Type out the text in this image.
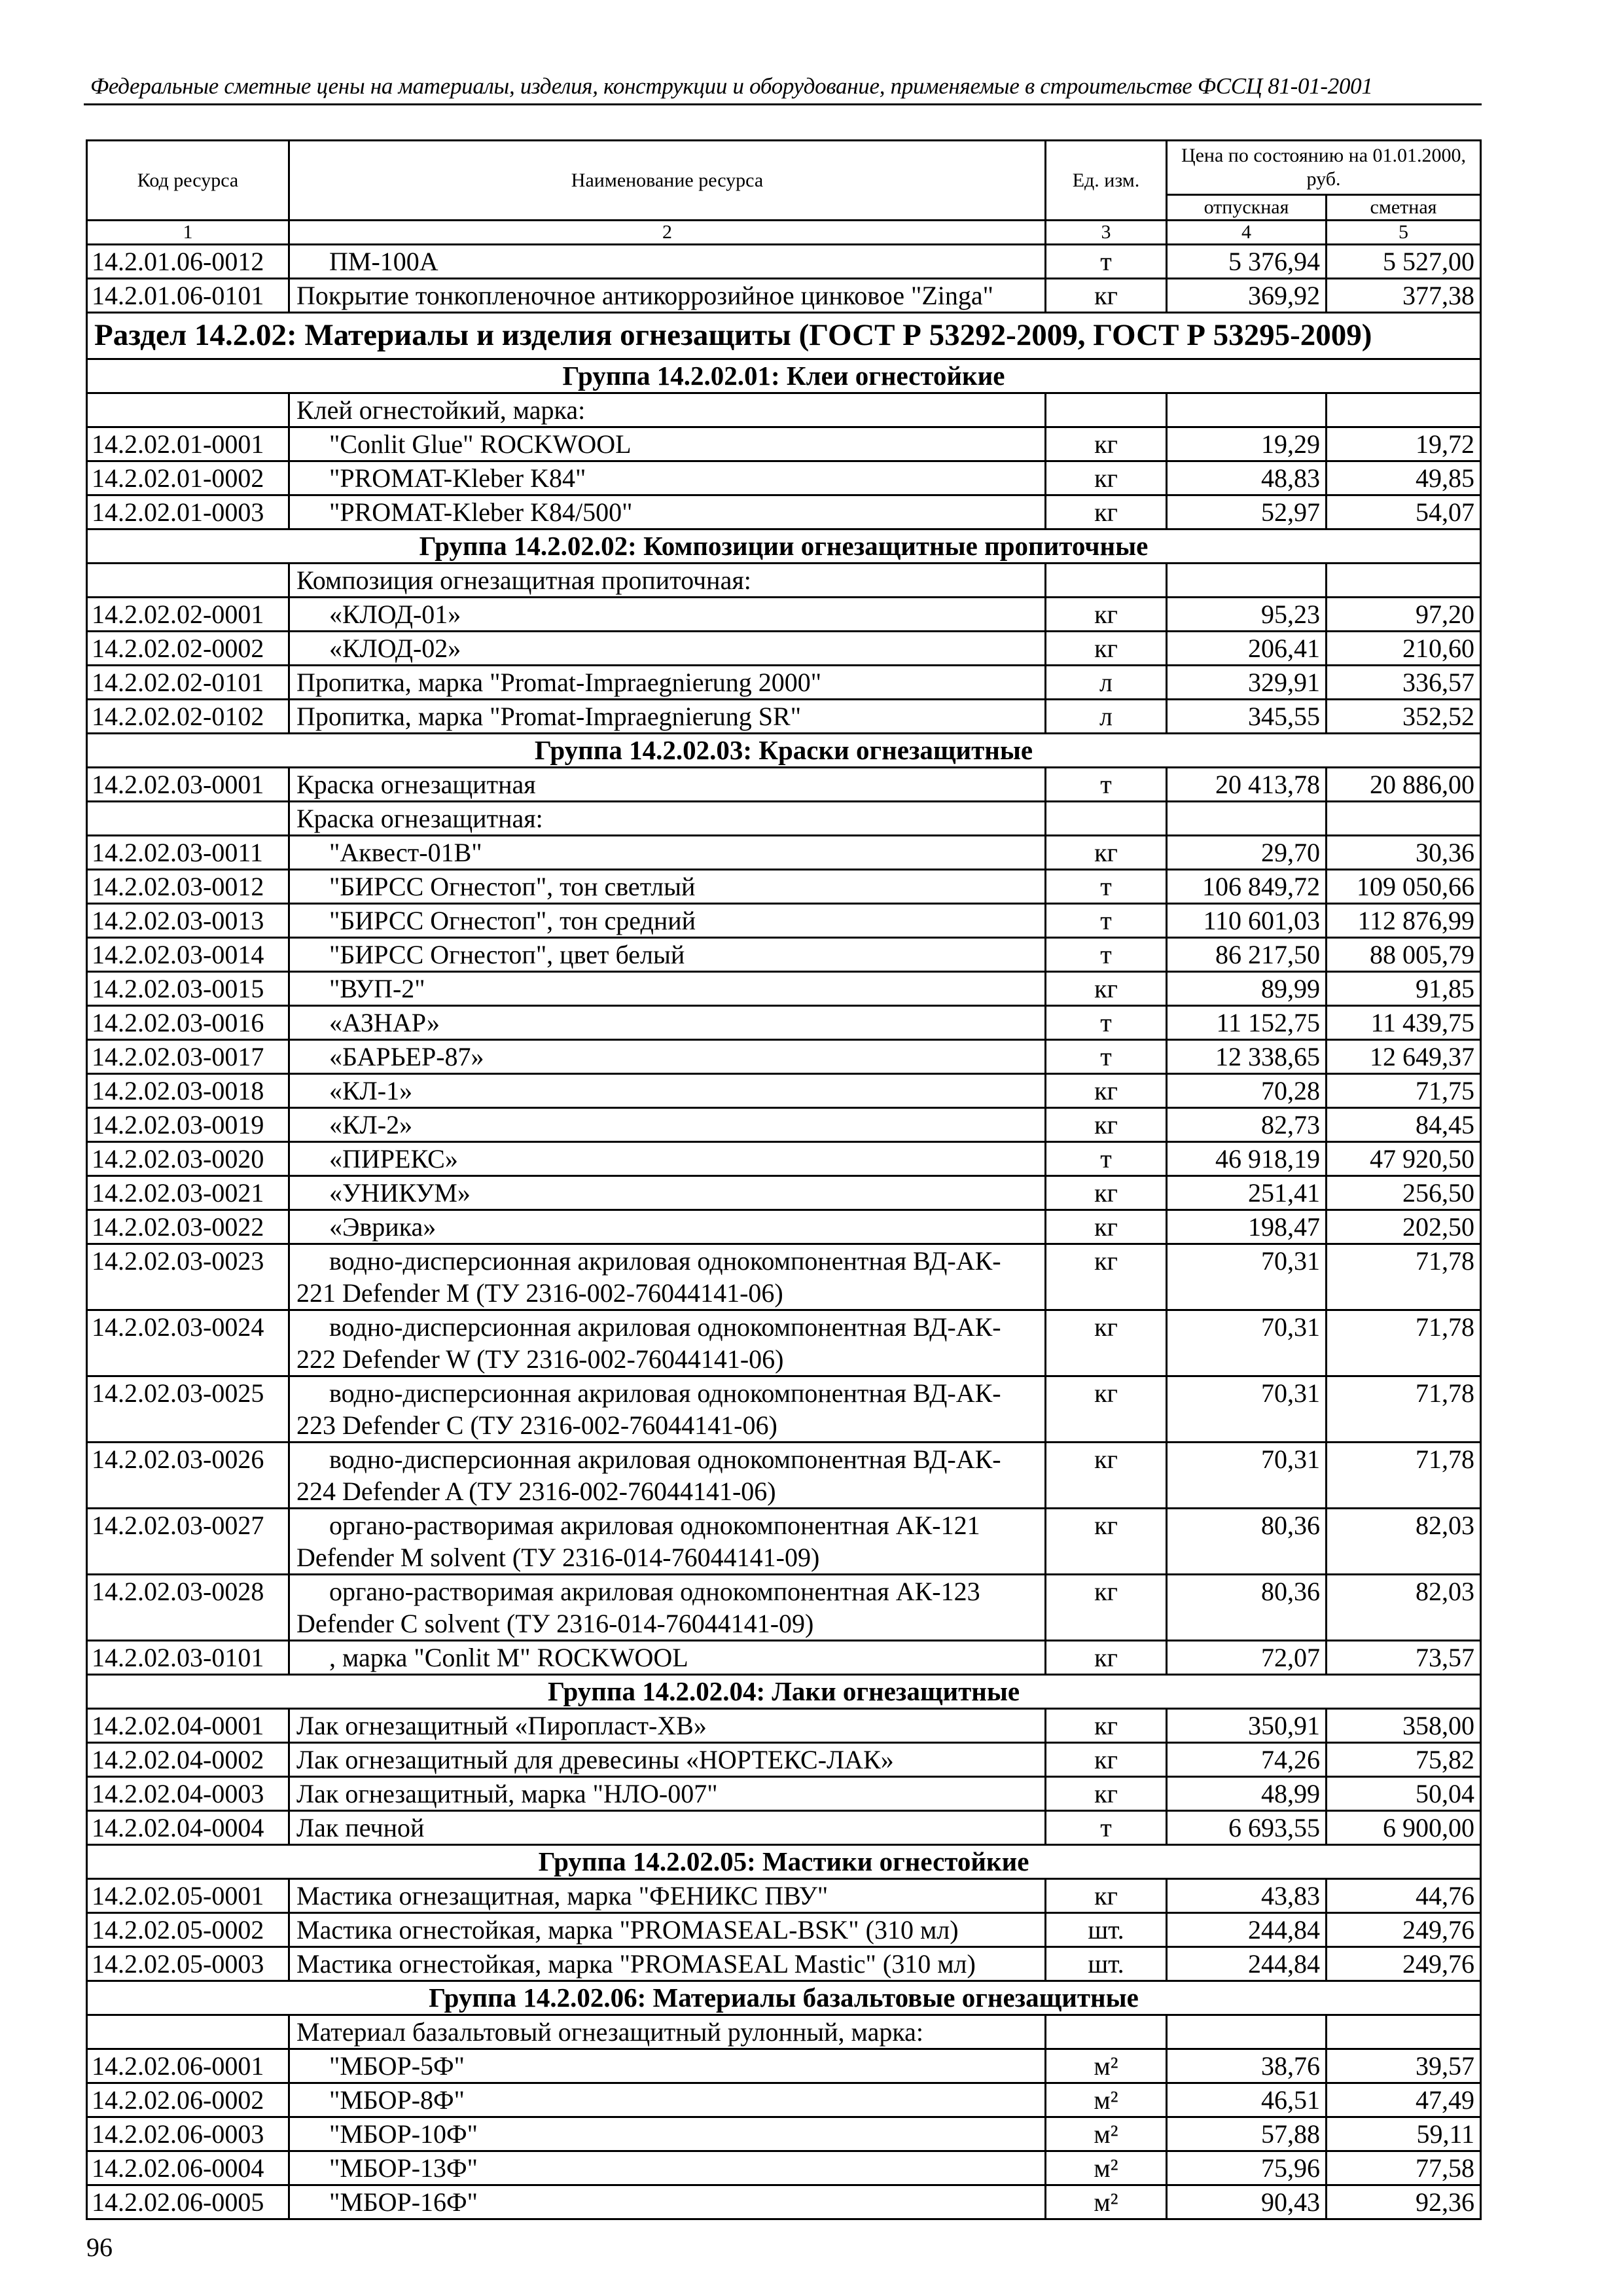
Федеральные сметные цены на материалы, изделия, конструкции и оборудование, применяемые в строительстве ФССЦ 81-01-2001
Код ресурса	Наименование ресурса	Ед. изм.	Цена по состоянию на 01.01.2000, руб.	
			отпускная	сметная
1	2	3	4	5
14.2.01.06-0012	ПМ-100А	т	5 376,94	5 527,00
14.2.01.06-0101	Покрытие тонкопленочное антикоррозийное цинковое "Zinga"	кг	369,92	377,38
Раздел 14.2.02: Материалы и изделия огнезащиты (ГОСТ Р 53292-2009, ГОСТ Р 53295-2009)				
Группа 14.2.02.01: Клеи огнестойкие				
	Клей огнестойкий, марка:			
14.2.02.01-0001	"Conlit Glue" ROCKWOOL	кг	19,29	19,72
14.2.02.01-0002	"PROMAT-Kleber K84"	кг	48,83	49,85
14.2.02.01-0003	"PROMAT-Kleber K84/500"	кг	52,97	54,07
Группа 14.2.02.02: Композиции огнезащитные пропиточные				
	Композиция огнезащитная пропиточная:			
14.2.02.02-0001	«КЛОД-01»	кг	95,23	97,20
14.2.02.02-0002	«КЛОД-02»	кг	206,41	210,60
14.2.02.02-0101	Пропитка, марка "Promat-Impraegnierung 2000"	л	329,91	336,57
14.2.02.02-0102	Пропитка, марка "Promat-Impraegnierung SR"	л	345,55	352,52
Группа 14.2.02.03: Краски огнезащитные				
14.2.02.03-0001	Краска огнезащитная	т	20 413,78	20 886,00
	Краска огнезащитная:			
14.2.02.03-0011	"Аквест-01В"	кг	29,70	30,36
14.2.02.03-0012	"БИРСС Огнестоп", тон светлый	т	106 849,72	109 050,66
14.2.02.03-0013	"БИРСС Огнестоп", тон средний	т	110 601,03	112 876,99
14.2.02.03-0014	"БИРСС Огнестоп", цвет белый	т	86 217,50	88 005,79
14.2.02.03-0015	"ВУП-2"	кг	89,99	91,85
14.2.02.03-0016	«АЗНАР»	т	11 152,75	11 439,75
14.2.02.03-0017	«БАРЬЕР-87»	т	12 338,65	12 649,37
14.2.02.03-0018	«КЛ-1»	кг	70,28	71,75
14.2.02.03-0019	«КЛ-2»	кг	82,73	84,45
14.2.02.03-0020	«ПИРЕКС»	т	46 918,19	47 920,50
14.2.02.03-0021	«УНИКУМ»	кг	251,41	256,50
14.2.02.03-0022	«Эврика»	кг	198,47	202,50
14.2.02.03-0023	водно-дисперсионная акриловая однокомпонентная ВД-АК- 221 Defender M (ТУ 2316-002-76044141-06)	кг	70,31	71,78
14.2.02.03-0024	водно-дисперсионная акриловая однокомпонентная ВД-АК- 222 Defender W (ТУ 2316-002-76044141-06)	кг	70,31	71,78
14.2.02.03-0025	водно-дисперсионная акриловая однокомпонентная ВД-АК- 223 Defender C (ТУ 2316-002-76044141-06)	кг	70,31	71,78
14.2.02.03-0026	водно-дисперсионная акриловая однокомпонентная ВД-АК- 224 Defender A (ТУ 2316-002-76044141-06)	кг	70,31	71,78
14.2.02.03-0027	органо-растворимая акриловая однокомпонентная АК-121 Defender M solvent (ТУ 2316-014-76044141-09)	кг	80,36	82,03
14.2.02.03-0028	органо-растворимая акриловая однокомпонентная АК-123 Defender C solvent (ТУ 2316-014-76044141-09)	кг	80,36	82,03
14.2.02.03-0101	, марка "Conlit M" ROCKWOOL	кг	72,07	73,57
Группа 14.2.02.04: Лаки огнезащитные				
14.2.02.04-0001	Лак огнезащитный «Пиропласт-ХВ»	кг	350,91	358,00
14.2.02.04-0002	Лак огнезащитный для древесины «НОРТЕКС-ЛАК»	кг	74,26	75,82
14.2.02.04-0003	Лак огнезащитный, марка "НЛО-007"	кг	48,99	50,04
14.2.02.04-0004	Лак печной	т	6 693,55	6 900,00
Группа 14.2.02.05: Мастики огнестойкие				
14.2.02.05-0001	Мастика огнезащитная, марка "ФЕНИКС ПВУ"	кг	43,83	44,76
14.2.02.05-0002	Мастика огнестойкая, марка "PROMASEAL-BSK" (310 мл)	шт.	244,84	249,76
14.2.02.05-0003	Мастика огнестойкая, марка "PROMASEAL Mastic" (310 мл)	шт.	244,84	249,76
Группа 14.2.02.06: Материалы базальтовые огнезащитные				
	Материал базальтовый огнезащитный рулонный, марка:			
14.2.02.06-0001	"МБОР-5Ф"	м²	38,76	39,57
14.2.02.06-0002	"МБОР-8Ф"	м²	46,51	47,49
14.2.02.06-0003	"МБОР-10Ф"	м²	57,88	59,11
14.2.02.06-0004	"МБОР-13Ф"	м²	75,96	77,58
14.2.02.06-0005	"МБОР-16Ф"	м²	90,43	92,36
96
